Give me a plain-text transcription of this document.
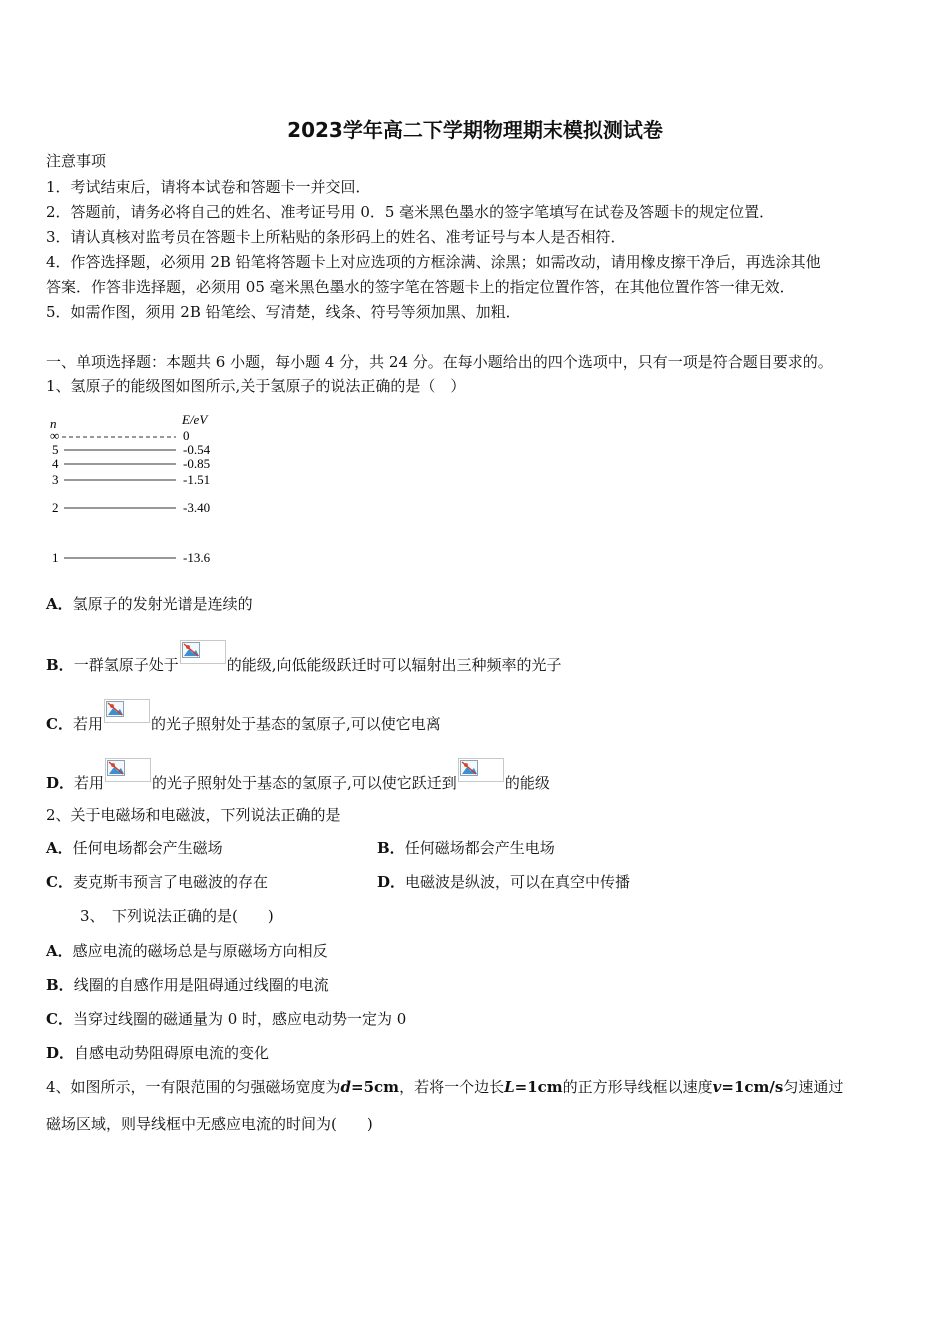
2023学年高二下学期物理期末模拟测试卷
注意事项
1．考试结束后，请将本试卷和答题卡一并交回．
2．答题前，请务必将自己的姓名、准考证号用 0．5 毫米黑色墨水的签字笔填写在试卷及答题卡的规定位置．
3．请认真核对监考员在答题卡上所粘贴的条形码上的姓名、准考证号与本人是否相符．
4．作答选择题，必须用 2B 铅笔将答题卡上对应选项的方框涂满、涂黑；如需改动，请用橡皮擦干净后，再选涂其他
答案．作答非选择题，必须用 05 毫米黑色墨水的签字笔在答题卡上的指定位置作答，在其他位置作答一律无效．
5．如需作图，须用 2B 铅笔绘、写清楚，线条、符号等须加黑、加粗．
一、单项选择题：本题共 6 小题，每小题 4 分，共 24 分。在每小题给出的四个选项中，只有一项是符合题目要求的。
1、氢原子的能级图如图所示,关于氢原子的说法正确的是（　）
n	E/eV
∞	0
5	-0.54
4	-0.85
3	-1.51
2	-3.40
1	-13.6
A．氢原子的发射光谱是连续的
B．一群氢原子处于	的能级,向低能级跃迁时可以辐射出三种频率的光子
C．若用	的光子照射处于基态的氢原子,可以使它电离
D．若用	的光子照射处于基态的氢原子,可以使它跃迁到	的能级
2、关于电磁场和电磁波，下列说法正确的是
A．任何电场都会产生磁场	B．任何磁场都会产生电场
C．麦克斯韦预言了电磁波的存在	D．电磁波是纵波，可以在真空中传播
3、　下列说法正确的是(　　)
A．感应电流的磁场总是与原磁场方向相反
B．线圈的自感作用是阻碍通过线圈的电流
C．当穿过线圈的磁通量为 0 时，感应电动势一定为 0
D．自感电动势阻碍原电流的变化
4、如图所示，一有限范围的匀强磁场宽度为d=5cm，若将一个边长L=1cm的正方形导线框以速度v=1cm/s匀速通过
磁场区域，则导线框中无感应电流的时间为(　　)
